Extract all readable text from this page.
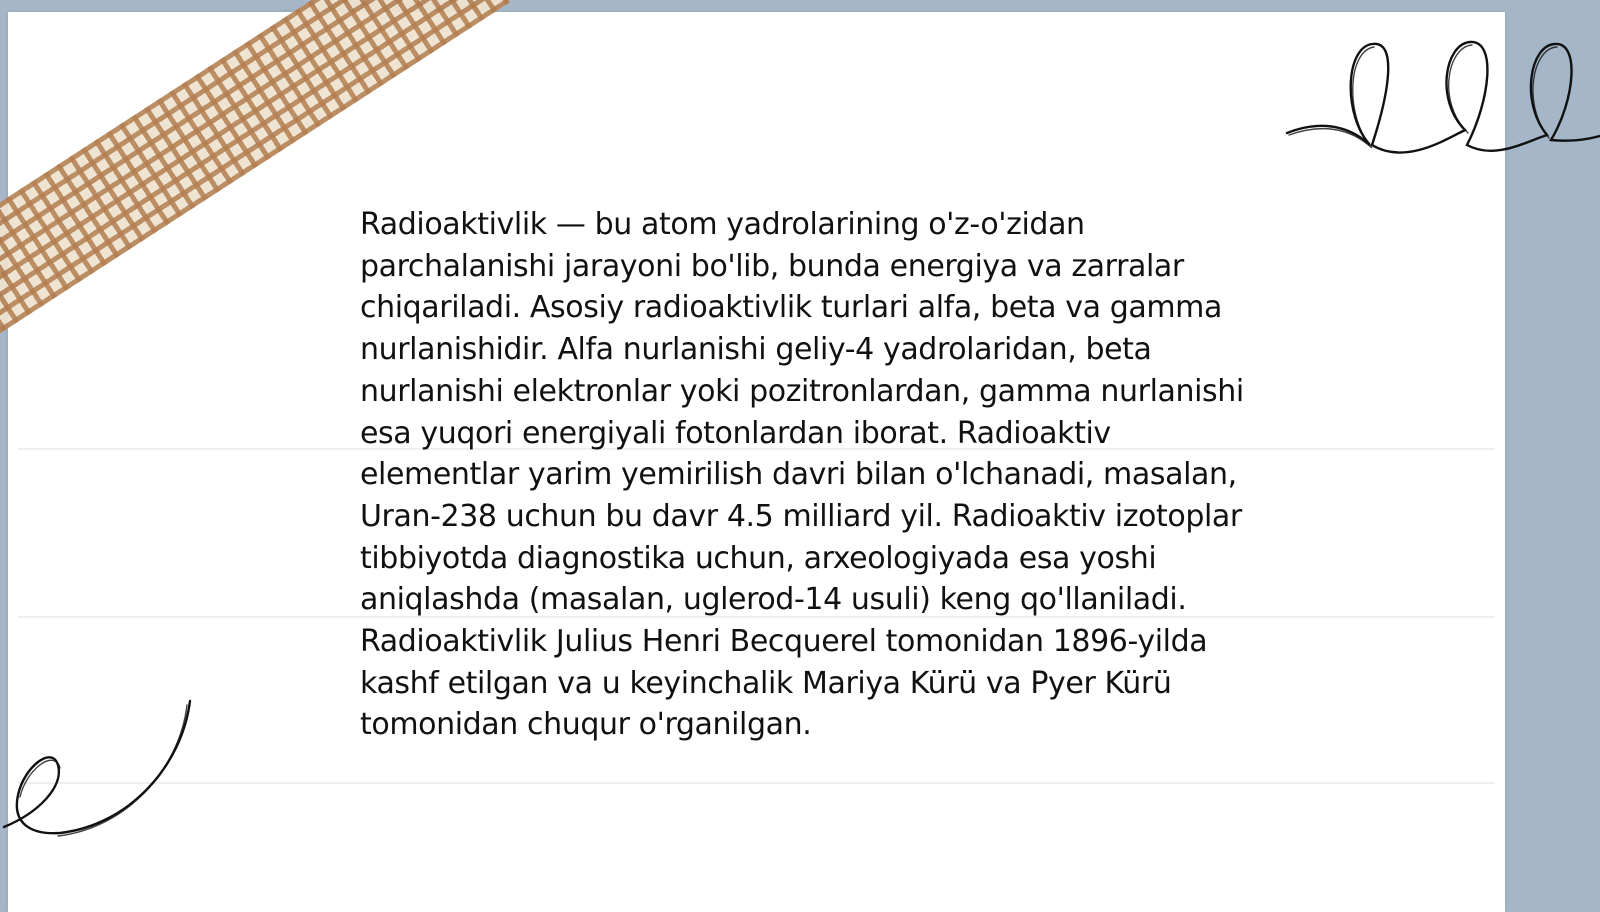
Radioaktivlik — bu atom yadrolarining o'z-o'zidan parchalanishi jarayoni bo'lib, bunda energiya va zarralar chiqariladi. Asosiy radioaktivlik turlari alfa, beta va gamma nurlanishidir. Alfa nurlanishi geliy-4 yadrolaridan, beta nurlanishi elektronlar yoki pozitronlardan, gamma nurlanishi esa yuqori energiyali fotonlardan iborat. Radioaktiv elementlar yarim yemirilish davri bilan o'lchanadi, masalan, Uran-238 uchun bu davr 4.5 milliard yil. Radioaktiv izotoplar tibbiyotda diagnostika uchun, arxeologiyada esa yoshi aniqlashda (masalan, uglerod-14 usuli) keng qo'llaniladi. Radioaktivlik Julius Henri Becquerel tomonidan 1896-yilda kashf etilgan va u keyinchalik Mariya Kürü va Pyer Kürü tomonidan chuqur o'rganilgan.
